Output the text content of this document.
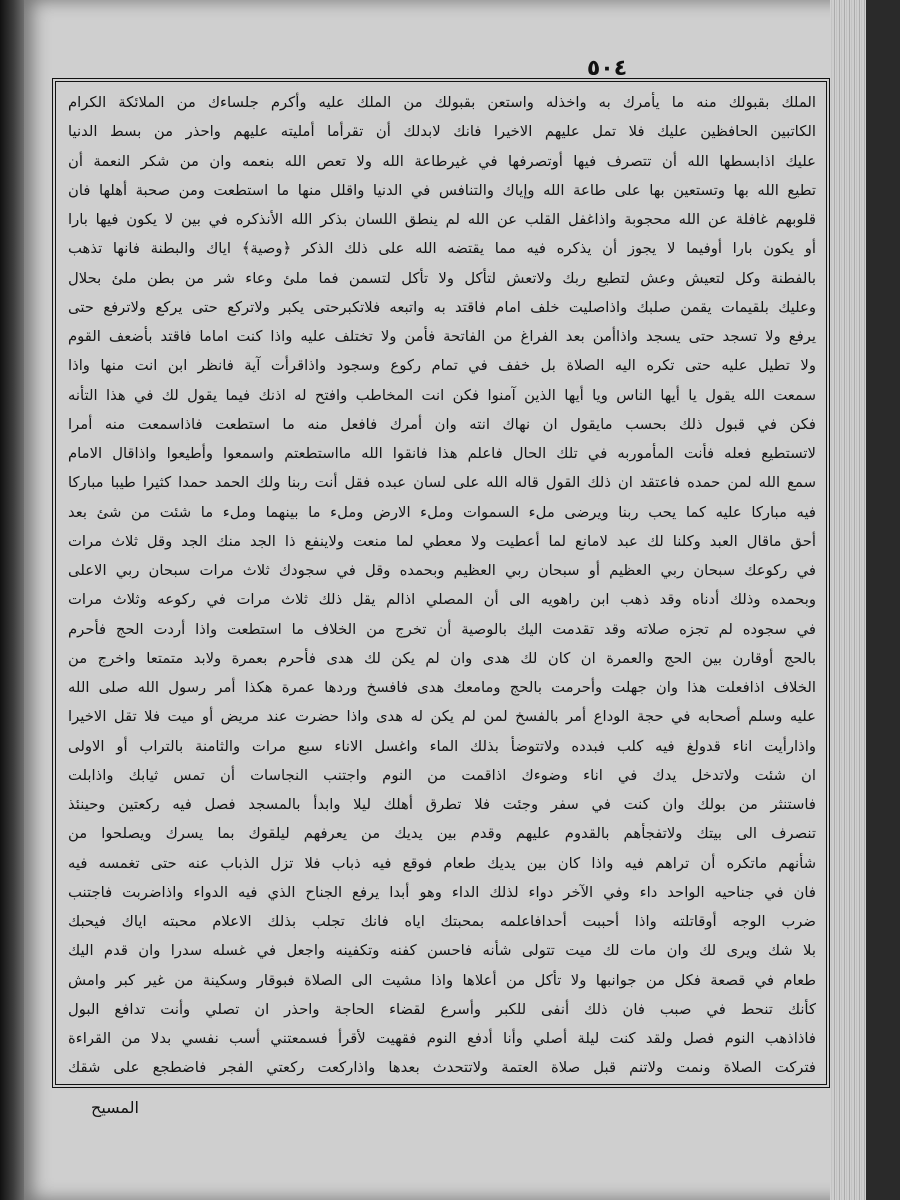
٥٠٤
الملك بقبولك منه ما يأمرك به واخذله واستعن بقبولك من الملك عليه وأكرم جلساءك من الملائكة الكرام
الكاتبين الحافظين عليك فلا تمل عليهم الاخيرا فانك لابدلك أن تقرأما أمليته عليهم واحذر من بسط الدنيا
عليك اذابسطها الله أن تتصرف فيها أوتصرفها في غيرطاعة الله ولا تعص الله بنعمه وان من شكر النعمة أن
تطيع الله بها وتستعين بها على طاعة الله وإياك والتنافس في الدنيا واقلل منها ما استطعت ومن صحبة أهلها فان
قلوبهم غافلة عن الله محجوبة واذاغفل القلب عن الله لم ينطق اللسان بذكر الله الأنذكره في بين لا يكون فيها بارا
أو يكون بارا أوفيما لا يجوز أن يذكره فيه مما يقتضه الله على ذلك الذكر ﴿وصية﴾ اياك والبطنة فانها تذهب
بالفطنة وكل لتعيش وعش لتطيع ربك ولاتعش لتأكل ولا تأكل لتسمن فما ملئ وعاء شر من بطن ملئ بحلال
وعليك بلقيمات يقمن صلبك واذاصليت خلف امام فاقتد به واتبعه فلاتكبرحتى يكبر ولاتركع حتى يركع ولاترفع حتى
يرفع ولا تسجد حتى يسجد واذاأمن بعد الفراغ من الفاتحة فأمن ولا تختلف عليه واذا كنت اماما فاقتد بأضعف القوم
ولا تطيل عليه حتى تكره اليه الصلاة بل خفف في تمام ركوع وسجود واذاقرأت آية فانظر ابن انت منها واذا
سمعت الله يقول يا أيها الناس ويا أيها الذين آمنوا فكن انت المخاطب وافتح له اذنك فيما يقول لك في هذا التأنه
فكن في قبول ذلك بحسب مايقول ان نهاك انته وان أمرك فافعل منه ما استطعت فاذاسمعت منه أمرا
لاتستطيع فعله فأنت المأموربه في تلك الحال فاعلم هذا فانقوا الله مااستطعتم واسمعوا وأطيعوا واذاقال الامام
سمع الله لمن حمده فاعتقد ان ذلك القول قاله الله على لسان عبده فقل أنت ربنا ولك الحمد حمدا كثيرا طيبا مباركا
فيه مباركا عليه كما يحب ربنا ويرضى ملء السموات وملء الارض وملء ما بينهما وملء ما شئت من شئ بعد
أحق ماقال العبد وكلنا لك عبد لامانع لما أعطيت ولا معطي لما منعت ولاينفع ذا الجد منك الجد وقل ثلاث مرات
في ركوعك سبحان ربي العظيم أو سبحان ربي العظيم وبحمده وقل في سجودك ثلاث مرات سبحان ربي الاعلى
وبحمده وذلك أدناه وقد ذهب ابن راهويه الى أن المصلي اذالم يقل ذلك ثلاث مرات في ركوعه وثلاث مرات
في سجوده لم تجزه صلاته وقد تقدمت اليك بالوصية أن تخرج من الخلاف ما استطعت واذا أردت الحج فأحرم
بالحج أوقارن بين الحج والعمرة ان كان لك هدى وان لم يكن لك هدى فأحرم بعمرة ولابد متمتعا واخرج من
الخلاف اذافعلت هذا وان جهلت وأحرمت بالحج ومامعك هدى فافسخ وردها عمرة هكذا أمر رسول الله صلى الله
عليه وسلم أصحابه في حجة الوداع أمر بالفسخ لمن لم يكن له هدى واذا حضرت عند مريض أو ميت فلا تقل الاخيرا
واذارأيت اناء قدولغ فيه كلب فبدده ولاتتوضأ بذلك الماء واغسل الاناء سبع مرات والثامنة بالتراب أو الاولى
ان شئت ولاتدخل يدك في اناء وضوءك اذاقمت من النوم واجتنب النجاسات أن تمس ثيابك واذابلت
فاستنثر من بولك وان كنت في سفر وجئت فلا تطرق أهلك ليلا وابدأ بالمسجد فصل فيه ركعتين وحينئذ
تنصرف الى بيتك ولاتفجأهم بالقدوم عليهم وقدم بين يديك من يعرفهم ليلقوك بما يسرك ويصلحوا من
شأنهم ماتكره أن تراهم فيه واذا كان بين يديك طعام فوقع فيه ذباب فلا تزل الذباب عنه حتى تغمسه فيه
فان في جناحيه الواحد داء وفي الآخر دواء لذلك الداء وهو أبدا يرفع الجناح الذي فيه الدواء واذاضربت فاجتنب
ضرب الوجه أوقاتلته واذا أحببت أحدافاعلمه بمحبتك اياه فانك تجلب بذلك الاعلام محبته اياك فيحبك
بلا شك ويرى لك وان مات لك ميت تتولى شأنه فاحسن كفنه وتكفينه واجعل في غسله سدرا وان قدم اليك
طعام في قصعة فكل من جوانبها ولا تأكل من أعلاها واذا مشيت الى الصلاة فبوقار وسكينة من غير كبر وامش
كأنك تنحط في صبب فان ذلك أنفى للكبر وأسرع لقضاء الحاجة واحذر ان تصلي وأنت تدافع البول
فاذاذهب النوم فصل ولقد كنت ليلة أصلي وأنا أدفع النوم فقهيت لأقرأ فسمعتني أسب نفسي بدلا من القراءة
فتركت الصلاة ونمت ولاتنم قبل صلاة العتمة ولاتتحدث بعدها واذاركعت ركعتي الفجر فاضطجع على شقك
المسيح
